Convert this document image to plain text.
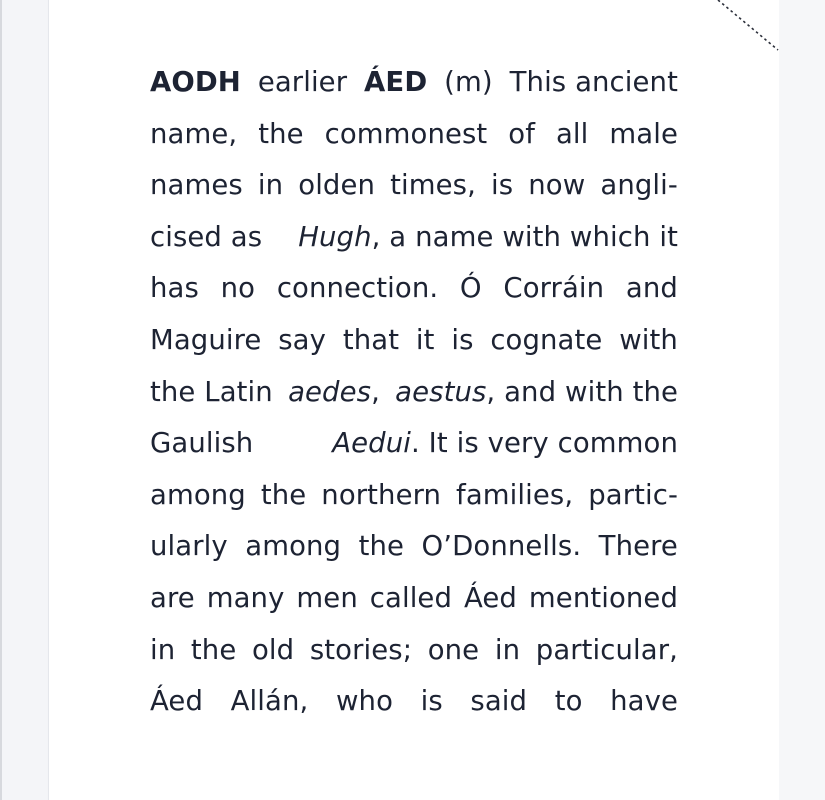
AODH earlier ÁED (m) This ancient
name, the commonest of all male
names in olden times, is now angli-
cised as Hugh, a name with which it
has no connection. Ó Corráin and
Maguire say that it is cognate with
the Latin aedes, aestus, and with the
Gaulish	Aedui. It is very common
among the northern families, partic-
ularly among the O’Donnells. There
are many men called Áed mentioned
in the old stories; one in particular,
Áed Allán, who is said to have
